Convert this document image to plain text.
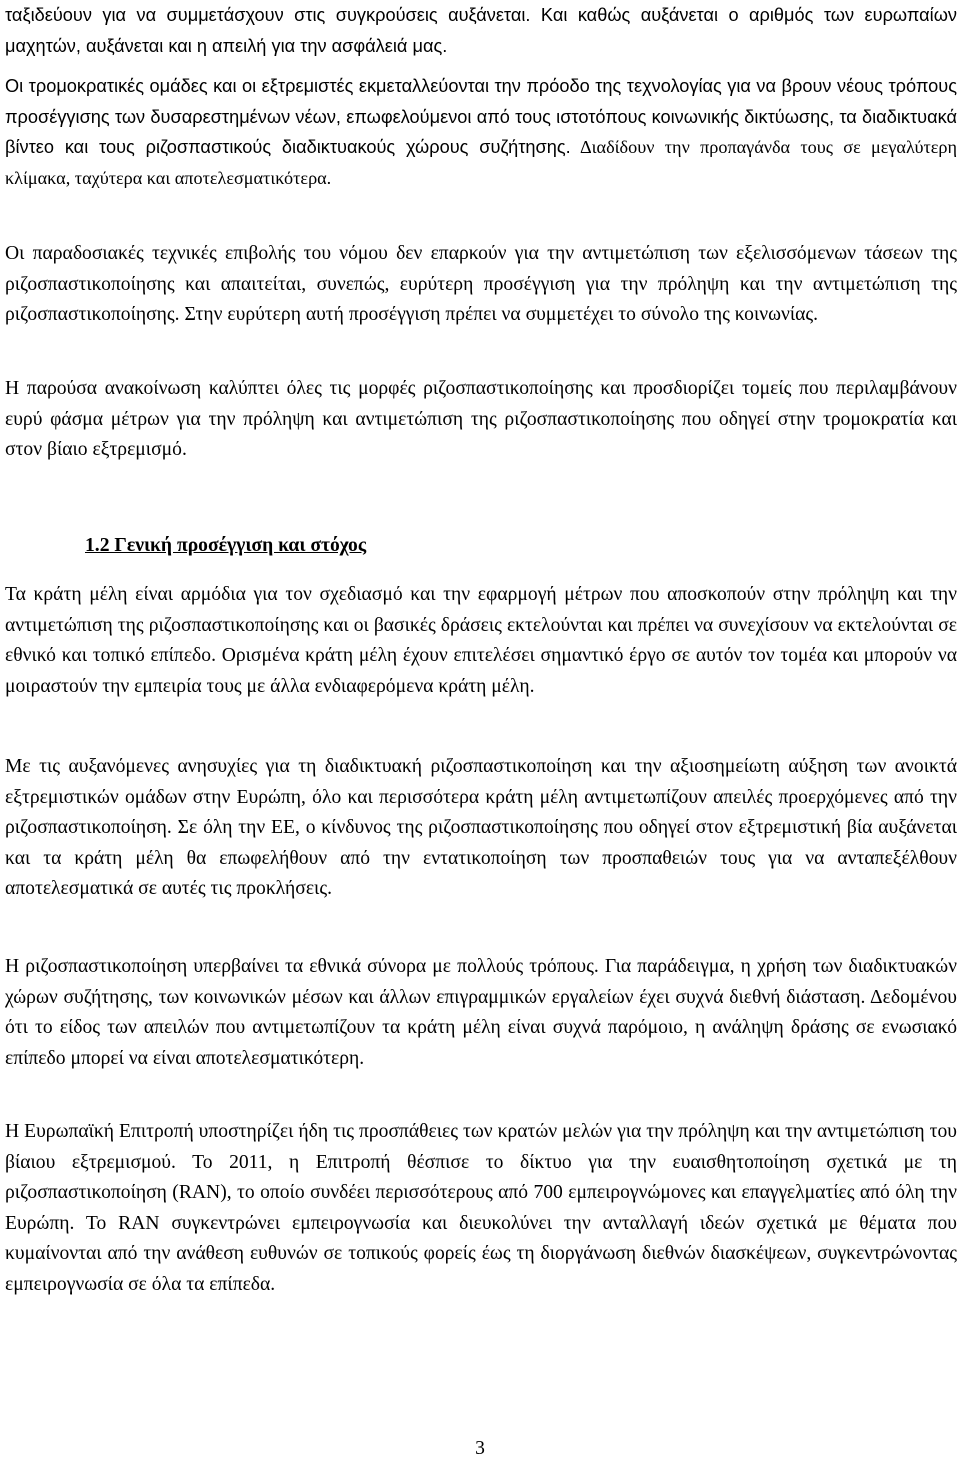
ταξιδεύουν για να συμμετάσχουν στις συγκρούσεις αυξάνεται. Και καθώς αυξάνεται ο αριθμός των ευρωπαίων μαχητών, αυξάνεται και η απειλή για την ασφάλειά μας.

Οι τρομοκρατικές ομάδες και οι εξτρεμιστές εκμεταλλεύονται την πρόοδο της τεχνολογίας για να βρουν νέους τρόπους προσέγγισης των δυσαρεστημένων νέων, επωφελούμενοι από τους ιστοτόπους κοινωνικής δικτύωσης, τα διαδικτυακά βίντεο και τους ριζοσπαστικούς διαδικτυακούς χώρους συζήτησης. Διαδίδουν την προπαγάνδα τους σε μεγαλύτερη κλίμακα, ταχύτερα και αποτελεσματικότερα.

Οι παραδοσιακές τεχνικές επιβολής του νόμου δεν επαρκούν για την αντιμετώπιση των εξελισσόμενων τάσεων της ριζοσπαστικοποίησης και απαιτείται, συνεπώς, ευρύτερη προσέγγιση για την πρόληψη και την αντιμετώπιση της ριζοσπαστικοποίησης. Στην ευρύτερη αυτή προσέγγιση πρέπει να συμμετέχει το σύνολο της κοινωνίας.

Η παρούσα ανακοίνωση καλύπτει όλες τις μορφές ριζοσπαστικοποίησης και προσδιορίζει τομείς που περιλαμβάνουν ευρύ φάσμα μέτρων για την πρόληψη και αντιμετώπιση της ριζοσπαστικοποίησης που οδηγεί στην τρομοκρατία και στον βίαιο εξτρεμισμό.

1.2 Γενική προσέγγιση και στόχος

Τα κράτη μέλη είναι αρμόδια για τον σχεδιασμό και την εφαρμογή μέτρων που αποσκοπούν στην πρόληψη και την αντιμετώπιση της ριζοσπαστικοποίησης και οι βασικές δράσεις εκτελούνται και πρέπει να συνεχίσουν να εκτελούνται σε εθνικό και τοπικό επίπεδο. Ορισμένα κράτη μέλη έχουν επιτελέσει σημαντικό έργο σε αυτόν τον τομέα και μπορούν να μοιραστούν την εμπειρία τους με άλλα ενδιαφερόμενα κράτη μέλη.

Με τις αυξανόμενες ανησυχίες για τη διαδικτυακή ριζοσπαστικοποίηση και την αξιοσημείωτη αύξηση των ανοικτά εξτρεμιστικών ομάδων στην Ευρώπη, όλο και περισσότερα κράτη μέλη αντιμετωπίζουν απειλές προερχόμενες από την ριζοσπαστικοποίηση. Σε όλη την ΕΕ, ο κίνδυνος της ριζοσπαστικοποίησης που οδηγεί στον εξτρεμιστική βία αυξάνεται και τα κράτη μέλη θα επωφελήθουν από την εντατικοποίηση των προσπαθειών τους για να ανταπεξέλθουν αποτελεσματικά σε αυτές τις προκλήσεις.

Η ριζοσπαστικοποίηση υπερβαίνει τα εθνικά σύνορα με πολλούς τρόπους. Για παράδειγμα, η χρήση των διαδικτυακών χώρων συζήτησης, των κοινωνικών μέσων και άλλων επιγραμμικών εργαλείων έχει συχνά διεθνή διάσταση. Δεδομένου ότι το είδος των απειλών που αντιμετωπίζουν τα κράτη μέλη είναι συχνά παρόμοιο, η ανάληψη δράσης σε ενωσιακό επίπεδο μπορεί να είναι αποτελεσματικότερη.

Η Ευρωπαϊκή Επιτροπή υποστηρίζει ήδη τις προσπάθειες των κρατών μελών για την πρόληψη και την αντιμετώπιση του βίαιου εξτρεμισμού. Το 2011, η Επιτροπή θέσπισε το δίκτυο για την ευαισθητοποίηση σχετικά με τη ριζοσπαστικοποίηση (RAN), το οποίο συνδέει περισσότερους από 700 εμπειρογνώμονες και επαγγελματίες από όλη την Ευρώπη. Το RAN συγκεντρώνει εμπειρογνωσία και διευκολύνει την ανταλλαγή ιδεών σχετικά με θέματα που κυμαίνονται από την ανάθεση ευθυνών σε τοπικούς φορείς έως τη διοργάνωση διεθνών διασκέψεων, συγκεντρώνοντας εμπειρογνωσία σε όλα τα επίπεδα.

3
